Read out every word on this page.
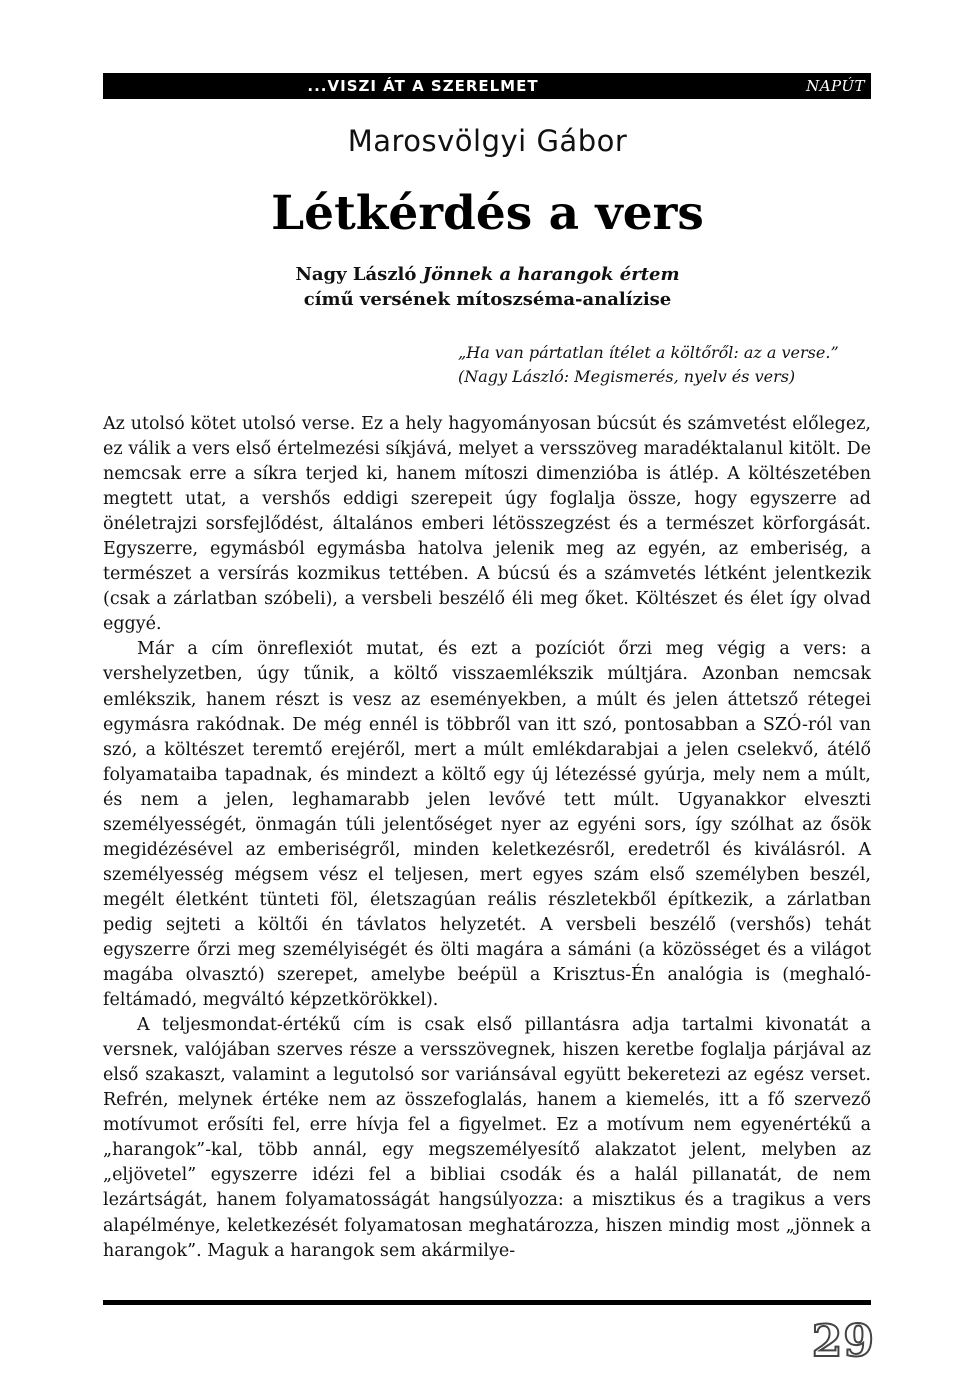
...VISZI ÁT A SZERELMET	NAPÚT
Marosvölgyi Gábor
Létkérdés a vers
Nagy László Jönnek a harangok értem
című versének mítoszséma-analízise
„Ha van pártatlan ítélet a költőről: az a verse.”
(Nagy László: Megismerés, nyelv és vers)

Az utolsó kötet utolsó verse. Ez a hely hagyományosan búcsút és számvetést előlegez, ez válik a vers első értelmezési síkjává, melyet a versszöveg maradéktalanul kitölt. De nemcsak erre a síkra terjed ki, hanem mítoszi dimenzióba is átlép. A költészetében megtett utat, a vershős eddigi szerepeit úgy foglalja össze, hogy egyszerre ad önéletrajzi sorsfejlődést, általános emberi létösszegzést és a természet körforgását. Egyszerre, egymásból egymásba hatolva jelenik meg az egyén, az emberiség, a természet a versírás kozmikus tettében. A búcsú és a számvetés létként jelentkezik (csak a zárlatban szóbeli), a versbeli beszélő éli meg őket. Költészet és élet így olvad eggyé.

Már a cím önreflexiót mutat, és ezt a pozíciót őrzi meg végig a vers: a vershelyzetben, úgy tűnik, a költő visszaemlékszik múltjára. Azonban nemcsak emlékszik, hanem részt is vesz az eseményekben, a múlt és jelen áttetsző rétegei egymásra rakódnak. De még ennél is többről van itt szó, pontosabban a SZÓ-ról van szó, a költészet teremtő erejéről, mert a múlt emlékdarabjai a jelen cselekvő, átélő folyamataiba tapadnak, és mindezt a költő egy új létezéssé gyúrja, mely nem a múlt, és nem a jelen, leghamarabb jelen levővé tett múlt. Ugyanakkor elveszti személyességét, önmagán túli jelentőséget nyer az egyéni sors, így szólhat az ősök megidézésével az emberiségről, minden keletkezésről, eredetről és kiválásról. A személyesség mégsem vész el teljesen, mert egyes szám első személyben beszél, megélt életként tünteti föl, életszagúan reális részletekből építkezik, a zárlatban pedig sejteti a költői én távlatos helyzetét. A versbeli beszélő (vershős) tehát egyszerre őrzi meg személyiségét és ölti magára a sámáni (a közösséget és a világot magába olvasztó) szerepet, amelybe beépül a Krisztus-Én analógia is (meghaló-feltámadó, megváltó képzetkörökkel).

A teljesmondat-értékű cím is csak első pillantásra adja tartalmi kivonatát a versnek, valójában szerves része a versszövegnek, hiszen keretbe foglalja párjával az első szakaszt, valamint a legutolsó sor variánsával együtt bekeretezi az egész verset. Refrén, melynek értéke nem az összefoglalás, hanem a kiemelés, itt a fő szervező motívumot erősíti fel, erre hívja fel a figyelmet. Ez a motívum nem egyenértékű a „harangok”-kal, több annál, egy megszemélyesítő alakzatot jelent, melyben az „eljövetel” egyszerre idézi fel a bibliai csodák és a halál pillanatát, de nem lezártságát, hanem folyamatosságát hangsúlyozza: a misztikus és a tragikus a vers alapélménye, keletkezését folyamatosan meghatározza, hiszen mindig most „jönnek a harangok”. Maguk a harangok sem akármilye-

29
